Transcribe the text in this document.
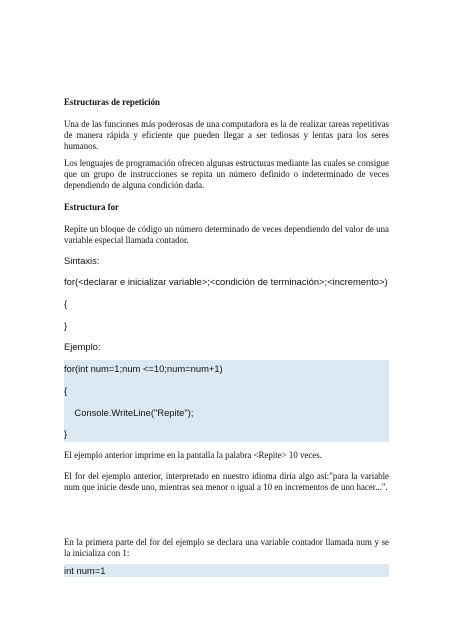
Estructuras de repetición

Una de las funciones más poderosas de una computadora es la de realizar tareas repetitivas de manera rápida y eficiente que pueden llegar a ser tediosas y lentas para los seres humanos.

Los lenguajes de programación ofrecen algunas estructuras mediante las cuales se consigue que un grupo de instrucciones se repita un número definido o indeterminado de veces dependiendo de alguna condición dada.

Estructura for

Repite un bloque de código un número determinado de veces dependiendo del valor de una variable especial llamada contador.

Sintaxis:

for(<declarar e inicializar variable>;<condición de terminación>;<incremento>)

{

}

Ejemplo:

for(int num=1;num <=10;num=num+1)
{
Console.WriteLine("Repite");
}

El ejemplo anterior imprime en la pantalla la palabra <Repite> 10 veces.

El for del ejemplo anterior, interpretado en nuestro idioma diría algo así:"para la variable num que inicie desde uno, mientras sea menor o igual a 10 en incrementos de uno hacer...".

En la primera parte del for del ejemplo se declara una variable contador llamada num y se la inicializa con 1:

int num=1
